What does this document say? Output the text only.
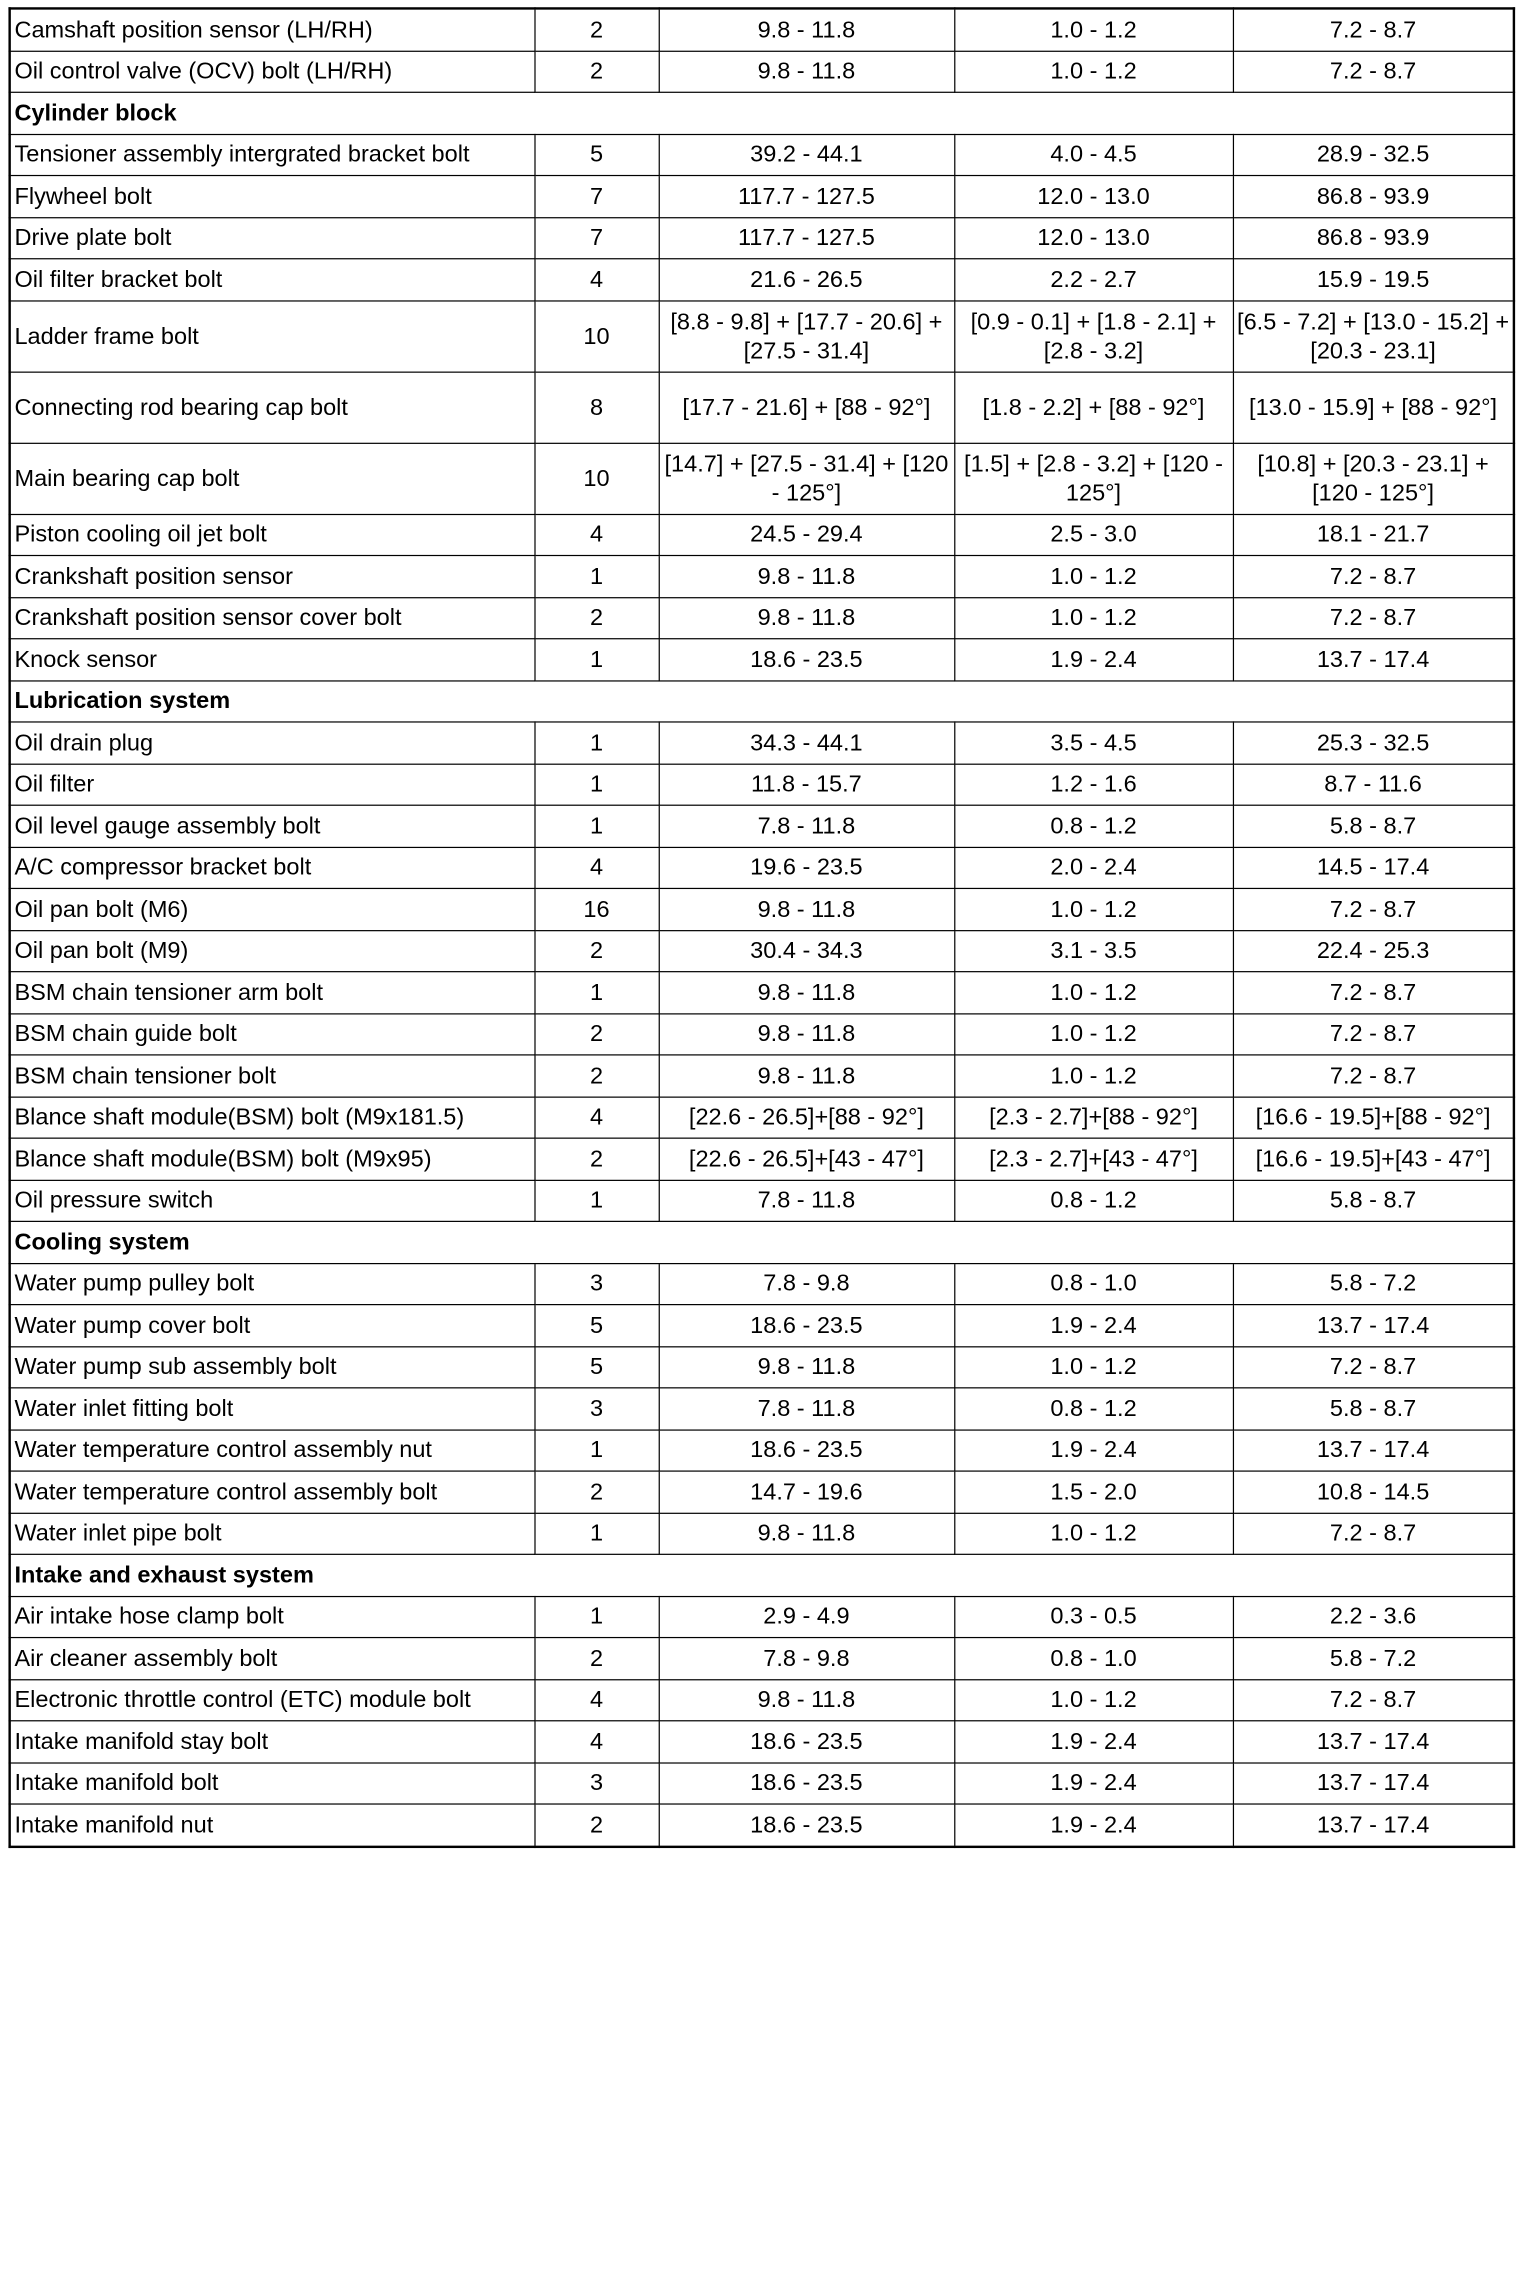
Camshaft position sensor (LH/RH)	2	9.8 - 11.8	1.0 - 1.2	7.2 - 8.7
Oil control valve (OCV) bolt (LH/RH)	2	9.8 - 11.8	1.0 - 1.2	7.2 - 8.7
Cylinder block				
Tensioner assembly intergrated bracket bolt	5	39.2 - 44.1	4.0 - 4.5	28.9 - 32.5
Flywheel bolt	7	117.7 - 127.5	12.0 - 13.0	86.8 - 93.9
Drive plate bolt	7	117.7 - 127.5	12.0 - 13.0	86.8 - 93.9
Oil filter bracket bolt	4	21.6 - 26.5	2.2 - 2.7	15.9 - 19.5
Ladder frame bolt	10	[8.8 - 9.8] + [17.7 - 20.6] + [27.5 - 31.4]	[0.9 - 0.1] + [1.8 - 2.1] + [2.8 - 3.2]	[6.5 - 7.2] + [13.0 - 15.2] + [20.3 - 23.1]
Connecting rod bearing cap bolt	8	[17.7 - 21.6] + [88 - 92°]	[1.8 - 2.2] + [88 - 92°]	[13.0 - 15.9] + [88 - 92°]
Main bearing cap bolt	10	[14.7] + [27.5 - 31.4] + [120 - 125°]	[1.5] + [2.8 - 3.2] + [120 - 125°]	[10.8] + [20.3 - 23.1] + [120 - 125°]
Piston cooling oil jet bolt	4	24.5 - 29.4	2.5 - 3.0	18.1 - 21.7
Crankshaft position sensor	1	9.8 - 11.8	1.0 - 1.2	7.2 - 8.7
Crankshaft position sensor cover bolt	2	9.8 - 11.8	1.0 - 1.2	7.2 - 8.7
Knock sensor	1	18.6 - 23.5	1.9 - 2.4	13.7 - 17.4
Lubrication system				
Oil drain plug	1	34.3 - 44.1	3.5 - 4.5	25.3 - 32.5
Oil filter	1	11.8 - 15.7	1.2 - 1.6	8.7 - 11.6
Oil level gauge assembly bolt	1	7.8 - 11.8	0.8 - 1.2	5.8 - 8.7
A/C compressor bracket bolt	4	19.6 - 23.5	2.0 - 2.4	14.5 - 17.4
Oil pan bolt (M6)	16	9.8 - 11.8	1.0 - 1.2	7.2 - 8.7
Oil pan bolt (M9)	2	30.4 - 34.3	3.1 - 3.5	22.4 - 25.3
BSM chain tensioner arm bolt	1	9.8 - 11.8	1.0 - 1.2	7.2 - 8.7
BSM chain guide bolt	2	9.8 - 11.8	1.0 - 1.2	7.2 - 8.7
BSM chain tensioner bolt	2	9.8 - 11.8	1.0 - 1.2	7.2 - 8.7
Blance shaft module(BSM) bolt (M9x181.5)	4	[22.6 - 26.5]+[88 - 92°]	[2.3 - 2.7]+[88 - 92°]	[16.6 - 19.5]+[88 - 92°]
Blance shaft module(BSM) bolt (M9x95)	2	[22.6 - 26.5]+[43 - 47°]	[2.3 - 2.7]+[43 - 47°]	[16.6 - 19.5]+[43 - 47°]
Oil pressure switch	1	7.8 - 11.8	0.8 - 1.2	5.8 - 8.7
Cooling system				
Water pump pulley bolt	3	7.8 - 9.8	0.8 - 1.0	5.8 - 7.2
Water pump cover bolt	5	18.6 - 23.5	1.9 - 2.4	13.7 - 17.4
Water pump sub assembly bolt	5	9.8 - 11.8	1.0 - 1.2	7.2 - 8.7
Water inlet fitting bolt	3	7.8 - 11.8	0.8 - 1.2	5.8 - 8.7
Water temperature control assembly nut	1	18.6 - 23.5	1.9 - 2.4	13.7 - 17.4
Water temperature control assembly bolt	2	14.7 - 19.6	1.5 - 2.0	10.8 - 14.5
Water inlet pipe bolt	1	9.8 - 11.8	1.0 - 1.2	7.2 - 8.7
Intake and exhaust system				
Air intake hose clamp bolt	1	2.9 - 4.9	0.3 - 0.5	2.2 - 3.6
Air cleaner assembly bolt	2	7.8 - 9.8	0.8 - 1.0	5.8 - 7.2
Electronic throttle control (ETC) module bolt	4	9.8 - 11.8	1.0 - 1.2	7.2 - 8.7
Intake manifold stay bolt	4	18.6 - 23.5	1.9 - 2.4	13.7 - 17.4
Intake manifold bolt	3	18.6 - 23.5	1.9 - 2.4	13.7 - 17.4
Intake manifold nut	2	18.6 - 23.5	1.9 - 2.4	13.7 - 17.4
